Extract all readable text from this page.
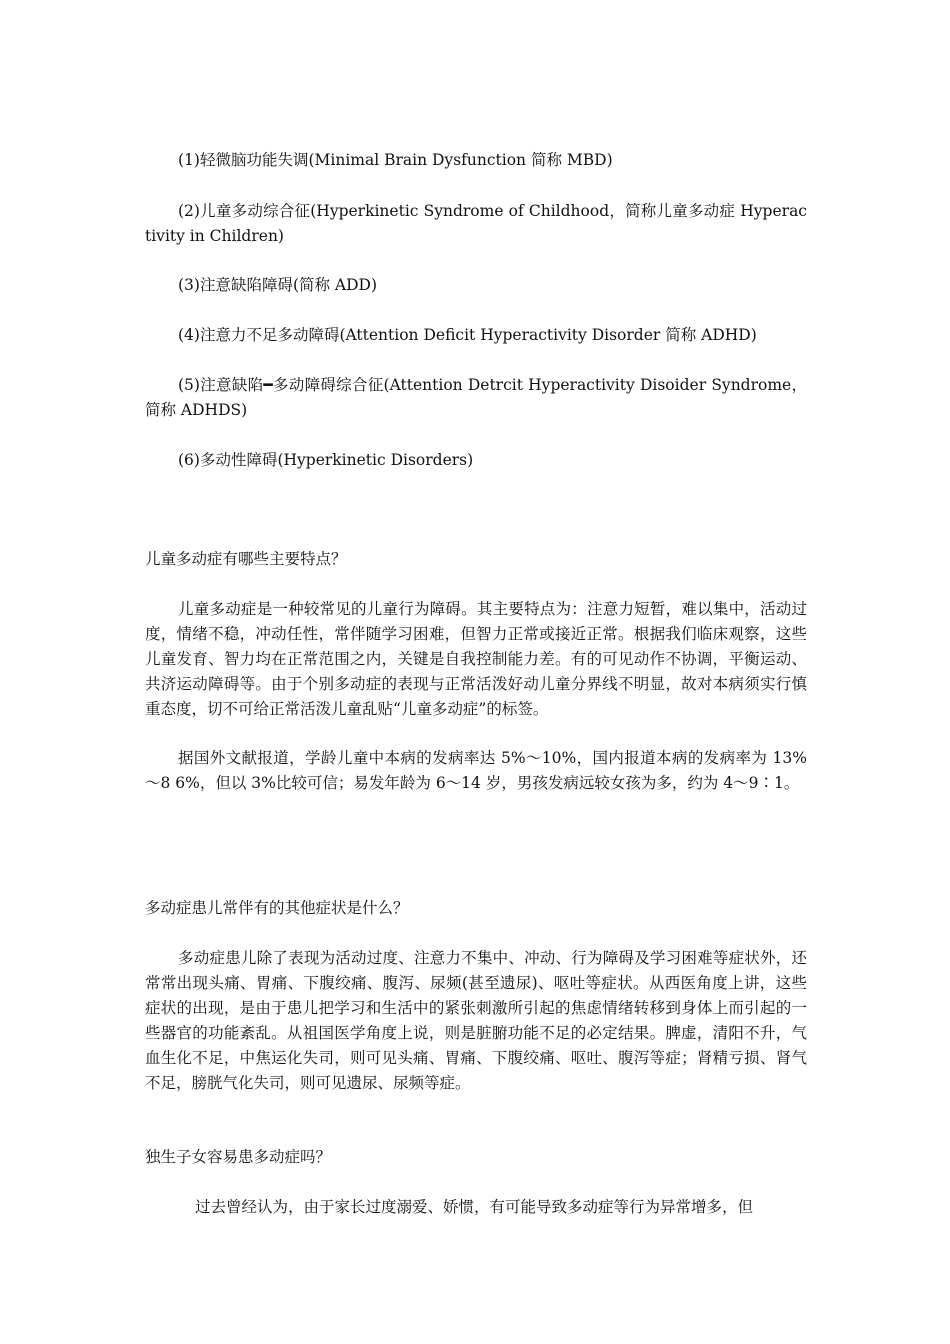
(1)轻微脑功能失调(Minimal Brain Dysfunction 简称 MBD)

(2)儿童多动综合征(Hyperkinetic Syndrome of Childhood，简称儿童多动症 Hyperactivity in Children)

(3)注意缺陷障碍(简称 ADD)

(4)注意力不足多动障碍(Attention Deficit Hyperactivity Disorder 简称 ADHD)

(5)注意缺陷━多动障碍综合征(Attention Detrcit Hyperactivity Disoider Syndrome，简称 ADHDS)

(6)多动性障碍(Hyperkinetic Disorders)

儿童多动症有哪些主要特点？

儿童多动症是一种较常见的儿童行为障碍。其主要特点为：注意力短暂，难以集中，活动过度，情绪不稳，冲动任性，常伴随学习困难，但智力正常或接近正常。根据我们临床观察，这些儿童发育、智力均在正常范围之内，关键是自我控制能力差。有的可见动作不协调，平衡运动、共济运动障碍等。由于个别多动症的表现与正常活泼好动儿童分界线不明显，故对本病须实行慎重态度，切不可给正常活泼儿童乱贴“儿童多动症”的标签。

据国外文献报道，学龄儿童中本病的发病率达 5%～10%，国内报道本病的发病率为 13%～8 6%，但以 3%比较可信；易发年龄为 6～14 岁，男孩发病远较女孩为多，约为 4～9∶1。

多动症患儿常伴有的其他症状是什么？

多动症患儿除了表现为活动过度、注意力不集中、冲动、行为障碍及学习困难等症状外，还常常出现头痛、胃痛、下腹绞痛、腹泻、尿频(甚至遗尿)、呕吐等症状。从西医角度上讲，这些症状的出现，是由于患儿把学习和生活中的紧张刺激所引起的焦虑情绪转移到身体上而引起的一些器官的功能紊乱。从祖国医学角度上说，则是脏腑功能不足的必定结果。脾虚，清阳不升，气血生化不足，中焦运化失司，则可见头痛、胃痛、下腹绞痛、呕吐、腹泻等症；肾精亏损、肾气不足，膀胱气化失司，则可见遗尿、尿频等症。

独生子女容易患多动症吗？

过去曾经认为，由于家长过度溺爱、娇惯，有可能导致多动症等行为异常增多，但
